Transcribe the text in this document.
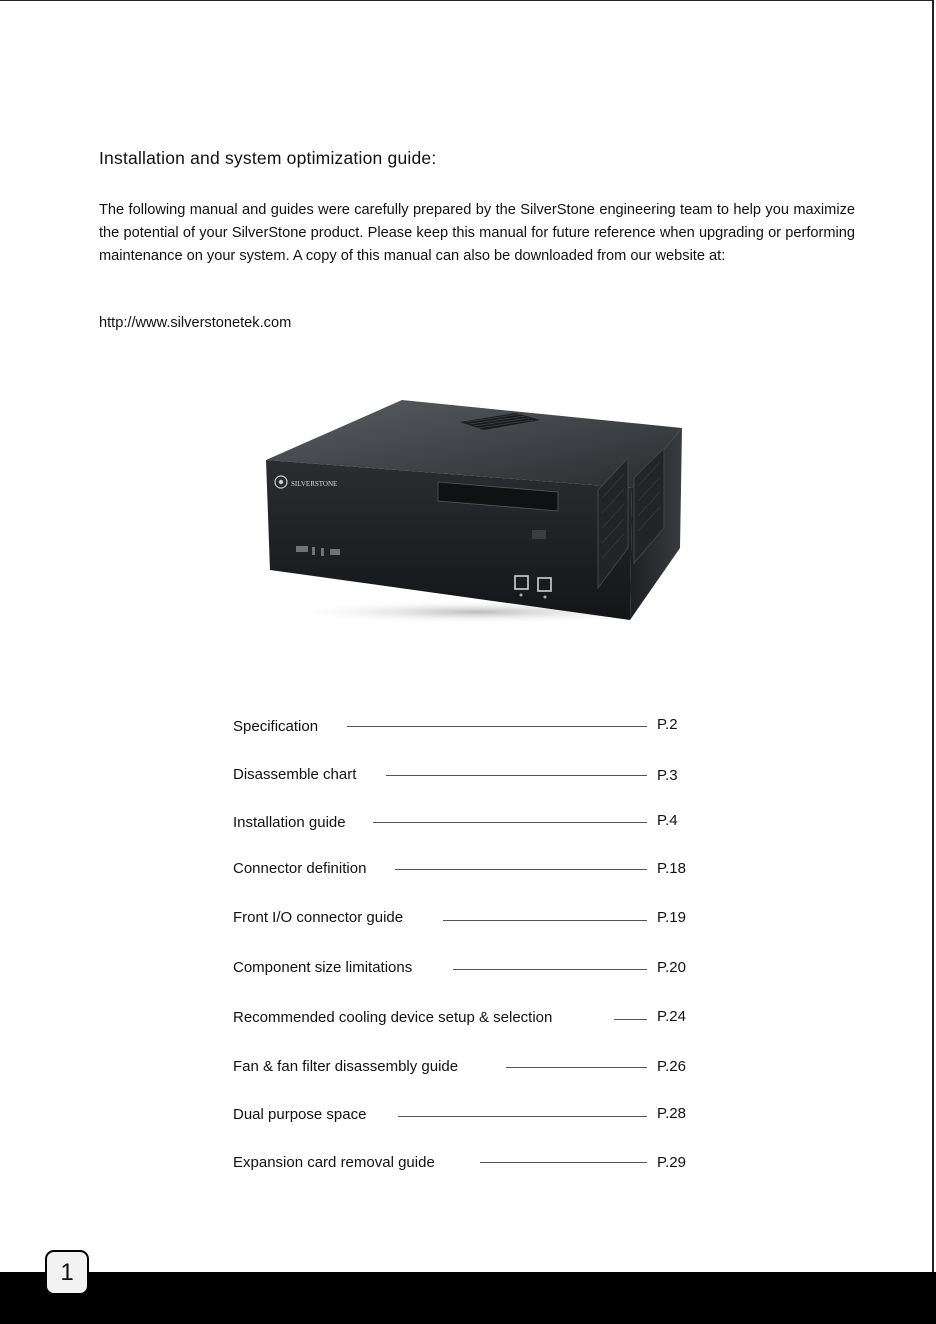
Installation and system optimization guide:

The following manual and guides were carefully prepared by the SilverStone engineering team to help you maximize the potential of your SilverStone product. Please keep this manual for future reference when upgrading or performing maintenance on your system. A copy of this manual can also be downloaded from our website at:

http://www.silverstonetek.com
SILVERSTONE
Specification	P.2
Disassemble chart	P.3
Installation guide	P.4
Connector definition	P.18
Front I/O connector guide	P.19
Component size limitations	P.20
Recommended cooling device setup & selection	P.24
Fan & fan filter disassembly guide	P.26
Dual purpose space	P.28
Expansion card removal guide	P.29
1
